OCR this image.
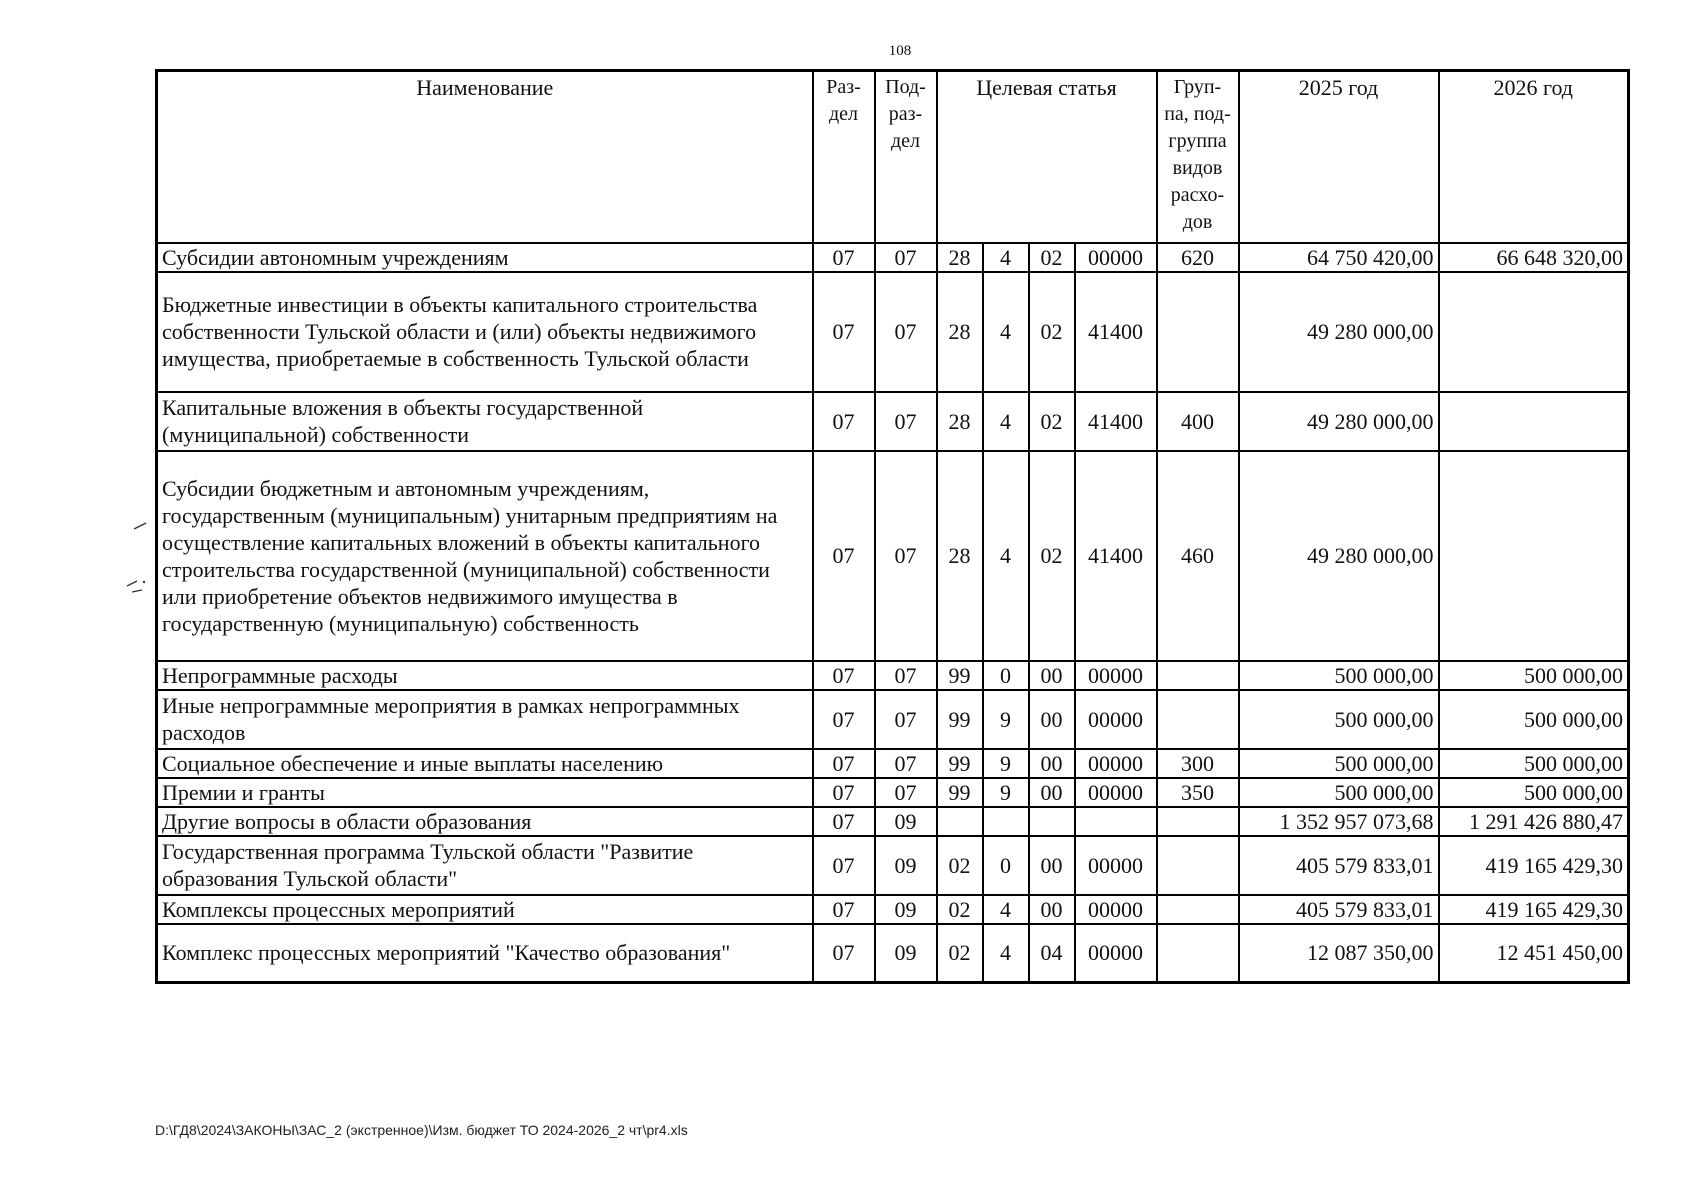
108
Наименование	Раз- дел	Под- раз- дел	Целевая статья				Груп- па, под- группа видов расхо- дов	2025 год	2026 год
Субсидии автономным учреждениям	07	07	28	4	02	00000	620	64 750 420,00	66 648 320,00
Бюджетные инвестиции в объекты капитального строительства собственности Тульской области и (или) объекты недвижимого имущества, приобретаемые в собственность Тульской области	07	07	28	4	02	41400		49 280 000,00	
Капитальные вложения в объекты государственной (муниципальной) собственности	07	07	28	4	02	41400	400	49 280 000,00	
Субсидии бюджетным и автономным учреждениям, государственным (муниципальным) унитарным предприятиям на осуществление капитальных вложений в объекты капитального строительства государственной (муниципальной) собственности или приобретение объектов недвижимого имущества в государственную (муниципальную) собственность	07	07	28	4	02	41400	460	49 280 000,00	
Непрограммные расходы	07	07	99	0	00	00000		500 000,00	500 000,00
Иные непрограммные мероприятия в рамках непрограммных расходов	07	07	99	9	00	00000		500 000,00	500 000,00
Социальное обеспечение и иные выплаты населению	07	07	99	9	00	00000	300	500 000,00	500 000,00
Премии и гранты	07	07	99	9	00	00000	350	500 000,00	500 000,00
Другие вопросы в области образования	07	09						1 352 957 073,68	1 291 426 880,47
Государственная программа Тульской области "Развитие образования Тульской области"	07	09	02	0	00	00000		405 579 833,01	419 165 429,30
Комплексы процессных мероприятий	07	09	02	4	00	00000		405 579 833,01	419 165 429,30
Комплекс процессных мероприятий "Качество образования"	07	09	02	4	04	00000		12 087 350,00	12 451 450,00
D:\ГД8\2024\ЗАКОНЫ\ЗАС_2 (экстренное)\Изм. бюджет ТО 2024-2026_2 чт\pr4.xls
